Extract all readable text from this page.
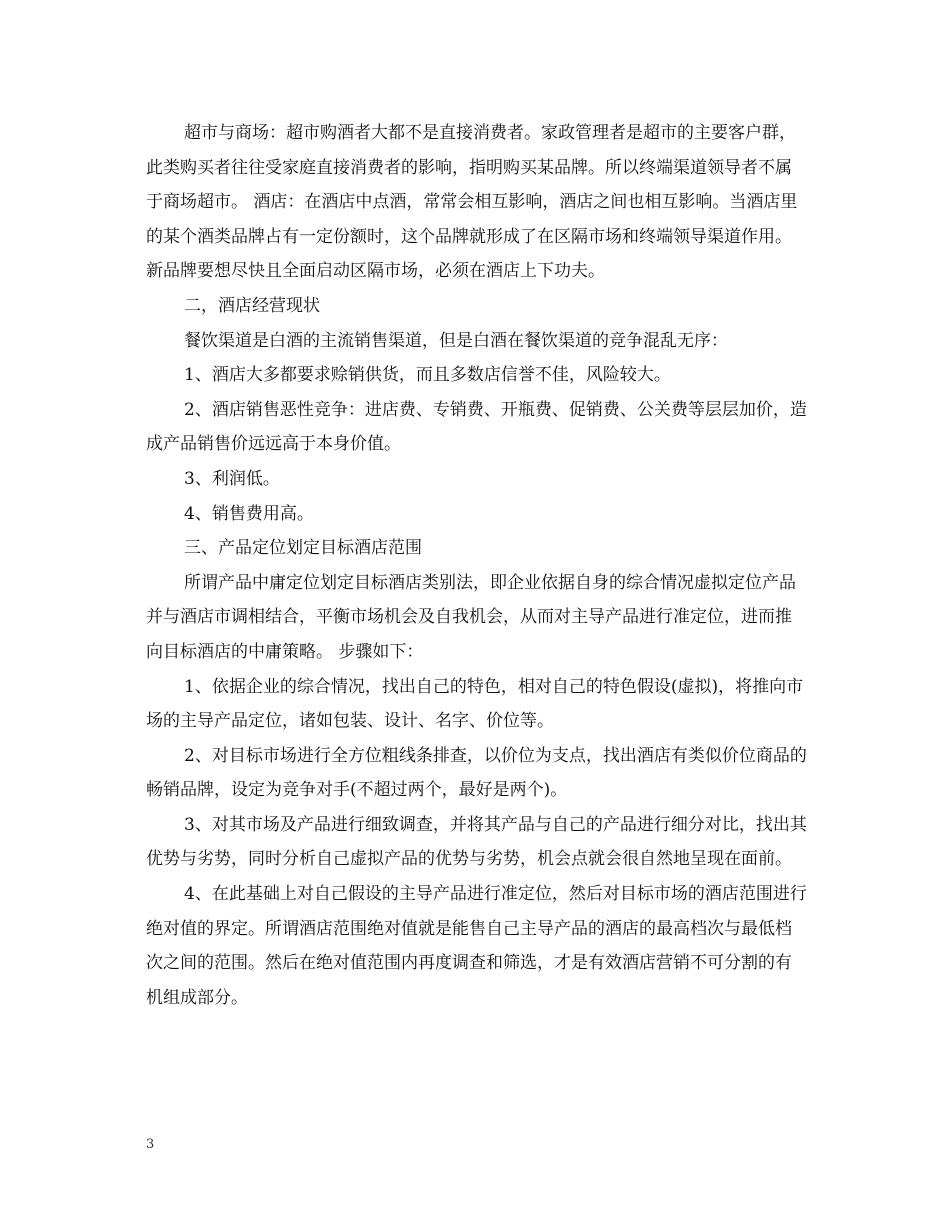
超市与商场：超市购酒者大都不是直接消费者。家政管理者是超市的主要客户群，此类购买者往往受家庭直接消费者的影响，指明购买某品牌。所以终端渠道领导者不属于商场超市。 酒店：在酒店中点酒，常常会相互影响，酒店之间也相互影响。当酒店里的某个酒类品牌占有一定份额时，这个品牌就形成了在区隔市场和终端领导渠道作用。新品牌要想尽快且全面启动区隔市场，必须在酒店上下功夫。

二，酒店经营现状

餐饮渠道是白酒的主流销售渠道，但是白酒在餐饮渠道的竞争混乱无序：

1、酒店大多都要求赊销供货，而且多数店信誉不佳，风险较大。

2、酒店销售恶性竞争：进店费、专销费、开瓶费、促销费、公关费等层层加价，造成产品销售价远远高于本身价值。

3、利润低。

4、销售费用高。

三、产品定位划定目标酒店范围

所谓产品中庸定位划定目标酒店类别法，即企业依据自身的综合情况虚拟定位产品并与酒店市调相结合，平衡市场机会及自我机会，从而对主导产品进行准定位，进而推向目标酒店的中庸策略。 步骤如下：

1、依据企业的综合情况，找出自己的特色，相对自己的特色假设(虚拟)，将推向市场的主导产品定位，诸如包装、设计、名字、价位等。

2、对目标市场进行全方位粗线条排查，以价位为支点，找出酒店有类似价位商品的畅销品牌，设定为竞争对手(不超过两个，最好是两个)。

3、对其市场及产品进行细致调查，并将其产品与自己的产品进行细分对比，找出其优势与劣势，同时分析自己虚拟产品的优势与劣势，机会点就会很自然地呈现在面前。

4、在此基础上对自己假设的主导产品进行准定位，然后对目标市场的酒店范围进行绝对值的界定。所谓酒店范围绝对值就是能售自己主导产品的酒店的最高档次与最低档次之间的范围。然后在绝对值范围内再度调查和筛选，才是有效酒店营销不可分割的有机组成部分。

3
